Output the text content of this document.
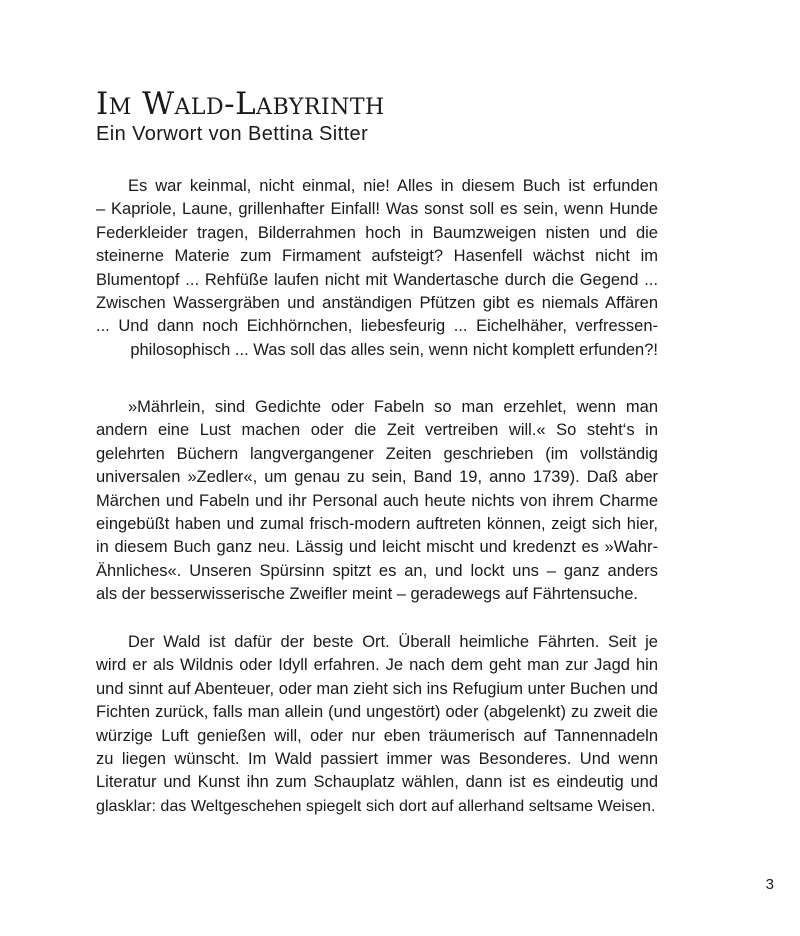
Im Wald-Labyrinth
Ein Vorwort von Bettina Sitter
Es war keinmal, nicht einmal, nie! Alles in diesem Buch ist erfunden
– Kapriole, Laune, grillenhafter Einfall! Was sonst soll es sein, wenn Hunde
Federkleider tragen, Bilderrahmen hoch in Baumzweigen nisten und die
steinerne Materie zum Firmament aufsteigt? Hasenfell wächst nicht im
Blumentopf ... Rehfüße laufen nicht mit Wandertasche durch die Gegend ...
Zwischen Wassergräben und anständigen Pfützen gibt es niemals Affären
... Und dann noch Eichhörnchen, liebesfeurig ... Eichelhäher, verfressen-
philosophisch ... Was soll das alles sein, wenn nicht komplett erfunden?!
»Mährlein, sind Gedichte oder Fabeln so man erzehlet, wenn man
andern eine Lust machen oder die Zeit vertreiben will.« So steht‘s in
gelehrten Büchern langvergangener Zeiten geschrieben (im vollständig
universalen »Zedler«, um genau zu sein, Band 19, anno 1739). Daß aber
Märchen und Fabeln und ihr Personal auch heute nichts von ihrem Charme
eingebüßt haben und zumal frisch-modern auftreten können, zeigt sich hier,
in diesem Buch ganz neu. Lässig und leicht mischt und kredenzt es »Wahr-
Ähnliches«. Unseren Spürsinn spitzt es an, und lockt uns – ganz anders
als der besserwisserische Zweifler meint – geradewegs auf Fährtensuche.
Der Wald ist dafür der beste Ort. Überall heimliche Fährten. Seit je
wird er als Wildnis oder Idyll erfahren. Je nach dem geht man zur Jagd hin
und sinnt auf Abenteuer, oder man zieht sich ins Refugium unter Buchen und
Fichten zurück, falls man allein (und ungestört) oder (abgelenkt) zu zweit die
würzige Luft genießen will, oder nur eben träumerisch auf Tannennadeln
zu liegen wünscht. Im Wald passiert immer was Besonderes. Und wenn
Literatur und Kunst ihn zum Schauplatz wählen, dann ist es eindeutig und
glasklar: das Weltgeschehen spiegelt sich dort auf allerhand seltsame Weisen.
3
